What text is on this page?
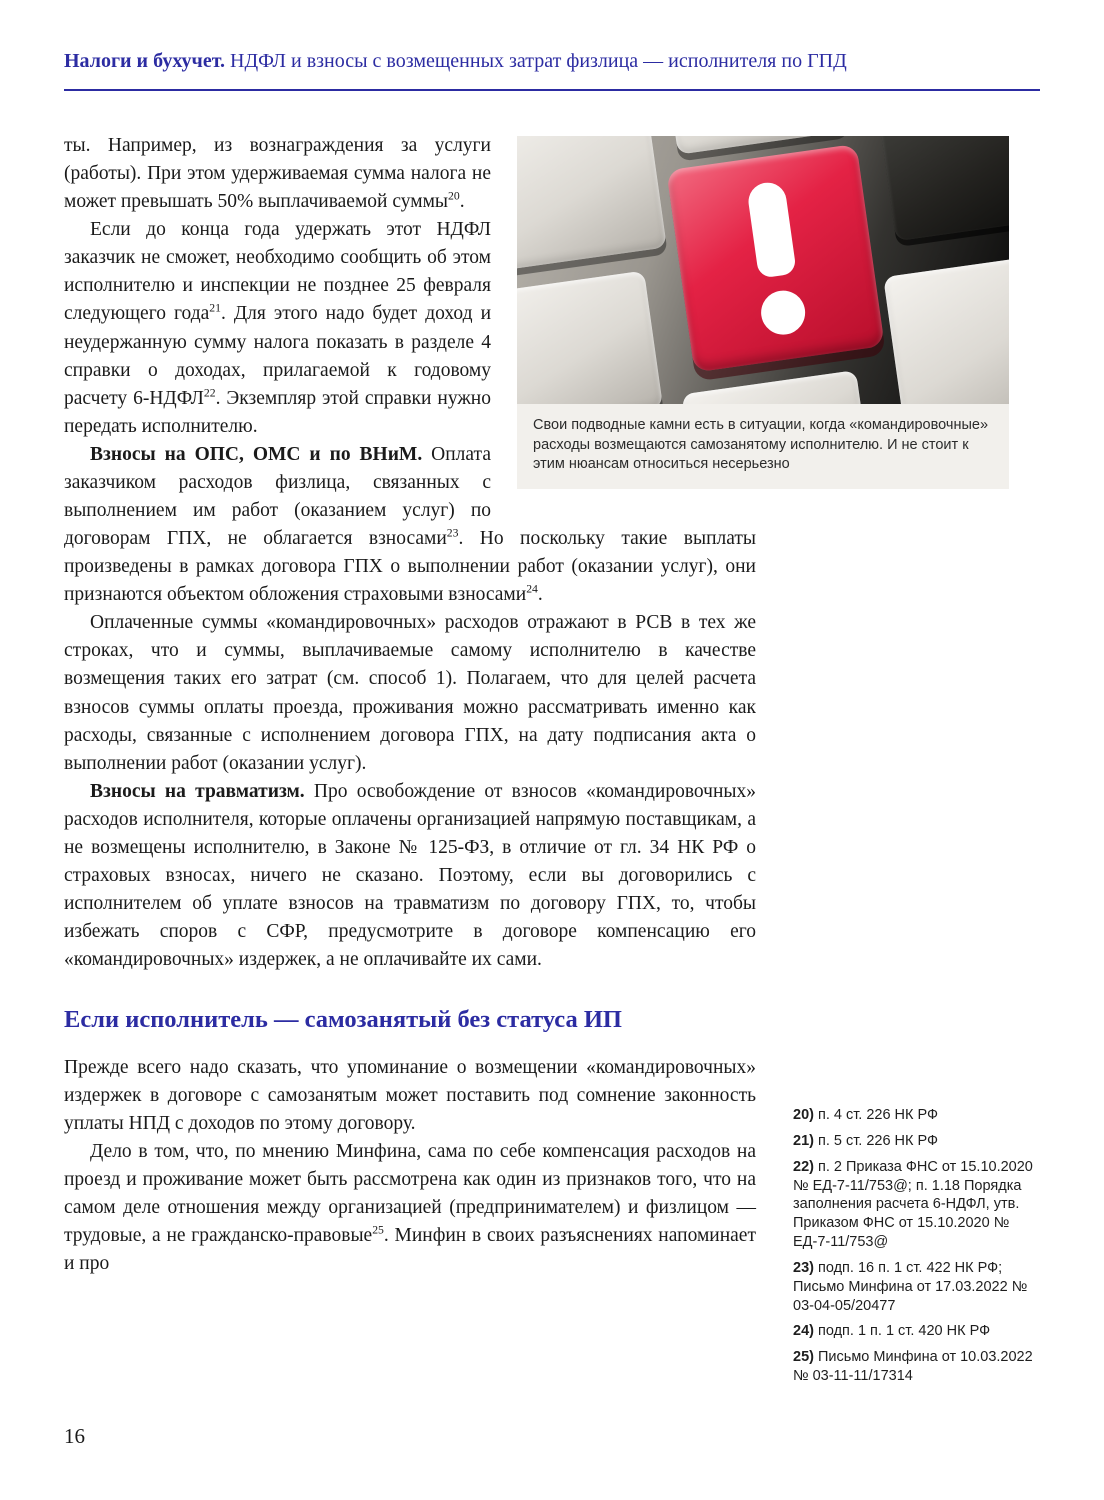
Налоги и бухучет. НДФЛ и взносы с возмещенных затрат физлица — исполнителя по ГПД
Свои подводные камни есть в ситуации, когда «командировочные» расходы возмещаются самозанятому исполнителю. И не стоит к этим нюансам относиться несерьезно

ты. Например, из вознаграждения за услуги (работы). При этом удерживаемая сумма налога не может превышать 50% выплачиваемой суммы$^{20}$.

Если до конца года удержать этот НДФЛ заказчик не сможет, необходимо сообщить об этом исполнителю и инспекции не позднее 25 февраля следующего года$^{21}$. Для этого надо будет доход и неудержанную сумму налога показать в разделе 4 справки о доходах, прилагаемой к годовому расчету 6-НДФЛ$^{22}$. Экземпляр этой справки нужно передать исполнителю.

Взносы на ОПС, ОМС и по ВНиМ. Оплата заказчиком расходов физлица, связанных с выполнением им работ (оказанием услуг) по договорам ГПХ, не облагается взносами$^{23}$. Но поскольку такие выплаты произведены в рамках договора ГПХ о выполнении работ (оказании услуг), они признаются объектом обложения страховыми взносами$^{24}$.

Оплаченные суммы «командировочных» расходов отражают в РСВ в тех же строках, что и суммы, выплачиваемые самому исполнителю в качестве возмещения таких его затрат (см. способ 1). Полагаем, что для целей расчета взносов суммы оплаты проезда, проживания можно рассматривать именно как расходы, связанные с исполнением договора ГПХ, на дату подписания акта о выполнении работ (оказании услуг).

Взносы на травматизм. Про освобождение от взносов «командировочных» расходов исполнителя, которые оплачены организацией напрямую поставщикам, а не возмещены исполнителю, в Законе № 125-ФЗ, в отличие от гл. 34 НК РФ о страховых взносах, ничего не сказано. Поэтому, если вы договорились с исполнителем об уплате взносов на травматизм по договору ГПХ, то, чтобы избежать споров с СФР, предусмотрите в договоре компенсацию его «командировочных» издержек, а не оплачивайте их сами.

Если исполнитель — самозанятый без статуса ИП

Прежде всего надо сказать, что упоминание о возмещении «командировочных» издержек в договоре с самозанятым может поставить под сомнение законность уплаты НПД с доходов по этому договору.

Дело в том, что, по мнению Минфина, сама по себе компенсация расходов на проезд и проживание может быть рассмотрена как один из признаков того, что на самом деле отношения между организацией (предпринимателем) и физлицом — трудовые, а не гражданско-правовые$^{25}$. Минфин в своих разъяснениях напоминает и про

20) п. 4 ст. 226 НК РФ

21) п. 5 ст. 226 НК РФ

22) п. 2 Приказа ФНС от 15.10.2020 № ЕД-7-11/753@; п. 1.18 Порядка заполнения расчета 6-НДФЛ, утв. Приказом ФНС от 15.10.2020 № ЕД-7-11/753@

23) подп. 16 п. 1 ст. 422 НК РФ; Письмо Минфина от 17.03.2022 № 03-04-05/20477

24) подп. 1 п. 1 ст. 420 НК РФ

25) Письмо Минфина от 10.03.2022 № 03-11-11/17314

16
